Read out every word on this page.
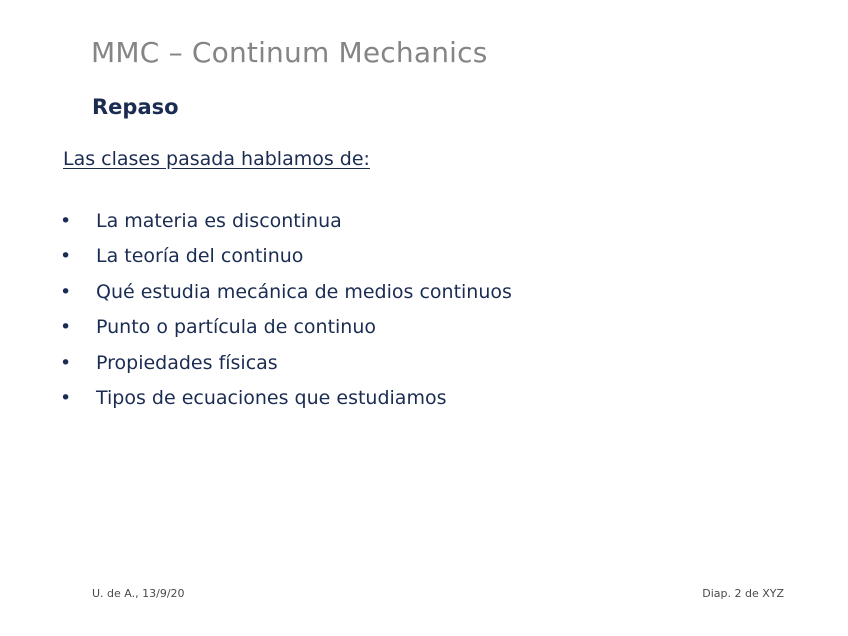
MMC – Continum Mechanics
Repaso

Las clases pasada hablamos de:

•	La materia es discontinua
•	La teoría del continuo
•	Qué estudia mecánica de medios continuos
•	Punto o partícula de continuo
•	Propiedades físicas
•	Tipos de ecuaciones que estudiamos
U. de A., 13/9/20	Diap. 2 de XYZ
